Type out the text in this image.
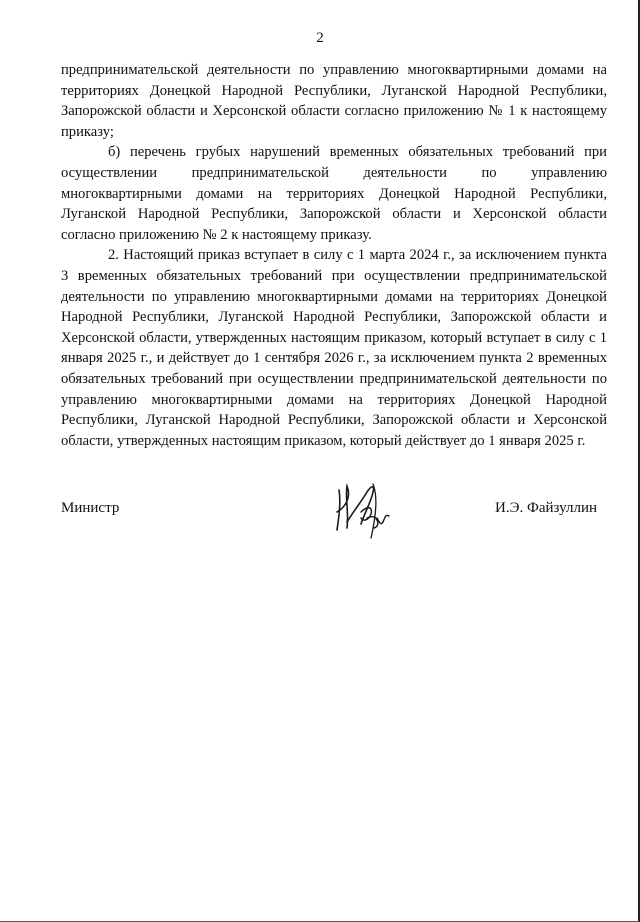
2

предпринимательской деятельности по управлению многоквартирными домами на территориях Донецкой Народной Республики, Луганской Народной Республики, Запорожской области и Херсонской области согласно приложению № 1 к настоящему приказу;

б) перечень грубых нарушений временных обязательных требований при осуществлении предпринимательской деятельности по управлению многоквартирными домами на территориях Донецкой Народной Республики, Луганской Народной Республики, Запорожской области и Херсонской области согласно приложению № 2 к настоящему приказу.

2. Настоящий приказ вступает в силу с 1 марта 2024 г., за исключением пункта 3 временных обязательных требований при осуществлении предпринимательской деятельности по управлению многоквартирными домами на территориях Донецкой Народной Республики, Луганской Народной Республики, Запорожской области и Херсонской области, утвержденных настоящим приказом, который вступает в силу с 1 января 2025 г., и действует до 1 сентября 2026 г., за исключением пункта 2 временных обязательных требований при осуществлении предпринимательской деятельности по управлению многоквартирными домами на территориях Донецкой Народной Республики, Луганской Народной Республики, Запорожской области и Херсонской области, утвержденных настоящим приказом, который действует до 1 января 2025 г.

Министр	И.Э. Файзуллин
